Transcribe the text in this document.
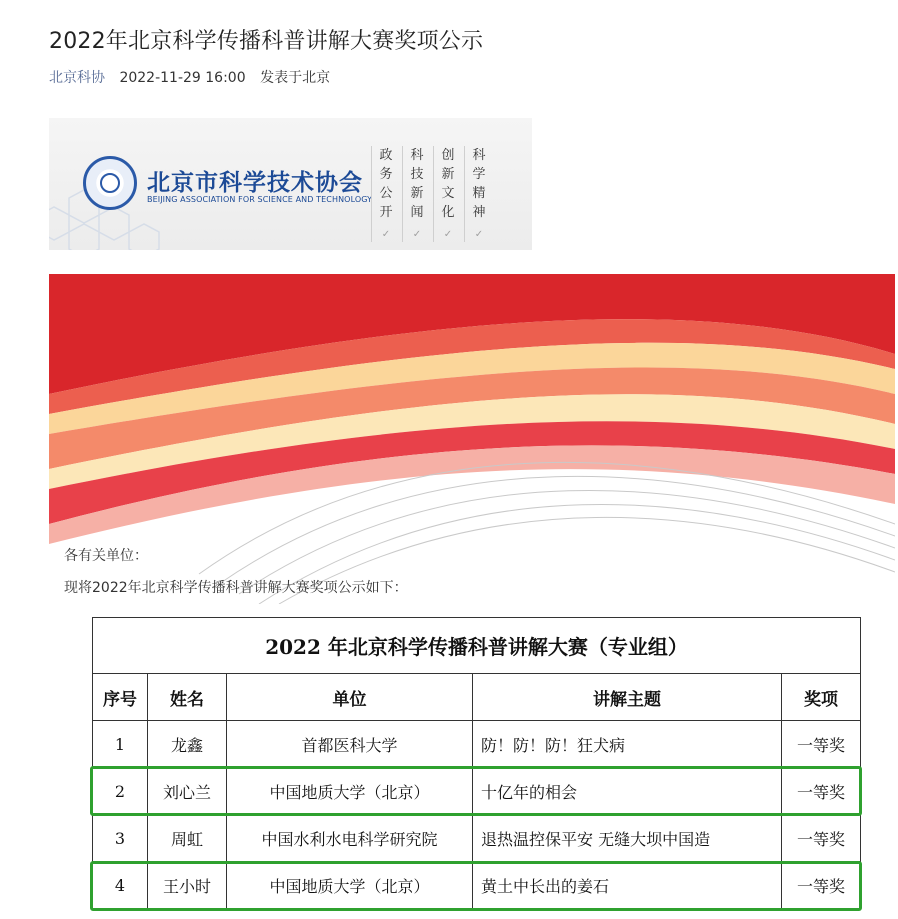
2022年北京科学传播科普讲解大赛奖项公示
北京科协 2022-11-29 16:00 发表于北京
北京市科学技术协会
BEIJING ASSOCIATION FOR SCIENCE AND TECHNOLOGY
政务公开
✓
科技新闻
✓
创新文化
✓
科学精神
✓
各有关单位：
现将2022年北京科学传播科普讲解大赛奖项公示如下：
2022 年北京科学传播科普讲解大赛（专业组）				
序号	姓名	单位	讲解主题	奖项
1	龙鑫	首都医科大学	防！防！防！狂犬病	一等奖
2	刘心兰	中国地质大学（北京）	十亿年的相会	一等奖
3	周虹	中国水利水电科学研究院	退热温控保平安 无缝大坝中国造	一等奖
4	王小时	中国地质大学（北京）	黄土中长出的姜石	一等奖
